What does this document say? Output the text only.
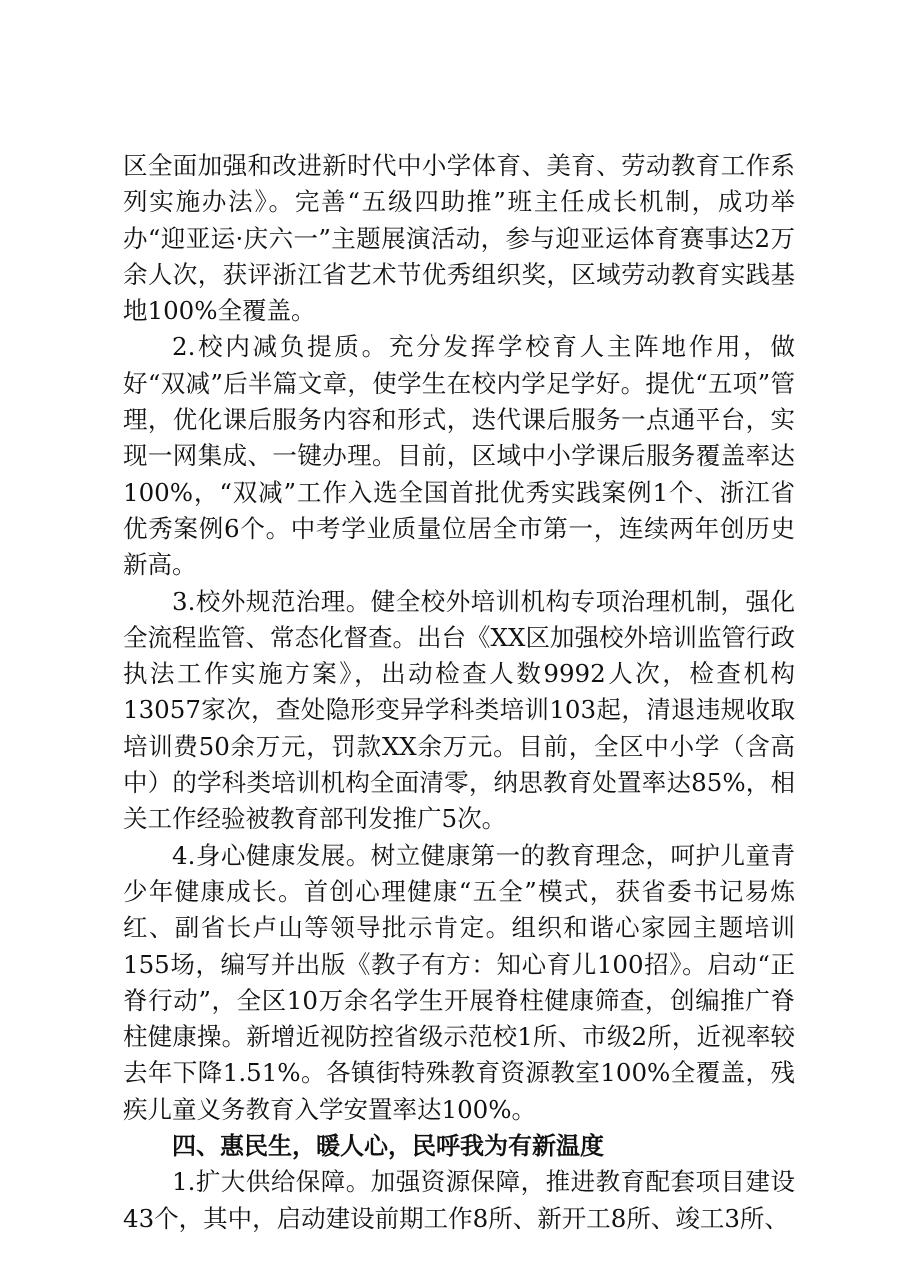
区全面加强和改进新时代中小学体育、美育、劳动教育工作系列实施办法》。完善“五级四助推”班主任成长机制，成功举办“迎亚运·庆六一”主题展演活动，参与迎亚运体育赛事达2万余人次，获评浙江省艺术节优秀组织奖，区域劳动教育实践基地100%全覆盖。

2.校内减负提质。充分发挥学校育人主阵地作用，做好“双减”后半篇文章，使学生在校内学足学好。提优“五项”管理，优化课后服务内容和形式，迭代课后服务一点通平台，实现一网集成、一键办理。目前，区域中小学课后服务覆盖率达100%，“双减”工作入选全国首批优秀实践案例1个、浙江省优秀案例6个。中考学业质量位居全市第一，连续两年创历史新高。

3.校外规范治理。健全校外培训机构专项治理机制，强化全流程监管、常态化督查。出台《XX区加强校外培训监管行政执法工作实施方案》，出动检查人数9992人次，检查机构13057家次，查处隐形变异学科类培训103起，清退违规收取培训费50余万元，罚款XX余万元。目前，全区中小学（含高中）的学科类培训机构全面清零，纳思教育处置率达85%，相关工作经验被教育部刊发推广5次。

4.身心健康发展。树立健康第一的教育理念，呵护儿童青少年健康成长。首创心理健康“五全”模式，获省委书记易炼红、副省长卢山等领导批示肯定。组织和谐心家园主题培训155场，编写并出版《教子有方：知心育儿100招》。启动“正脊行动”，全区10万余名学生开展脊柱健康筛查，创编推广脊柱健康操。新增近视防控省级示范校1所、市级2所，近视率较去年下降1.51%。各镇街特殊教育资源教室100%全覆盖，残疾儿童义务教育入学安置率达100%。

四、惠民生，暖人心，民呼我为有新温度

1.扩大供给保障。加强资源保障，推进教育配套项目建设43个，其中，启动建设前期工作8所、新开工8所、竣工3所、
